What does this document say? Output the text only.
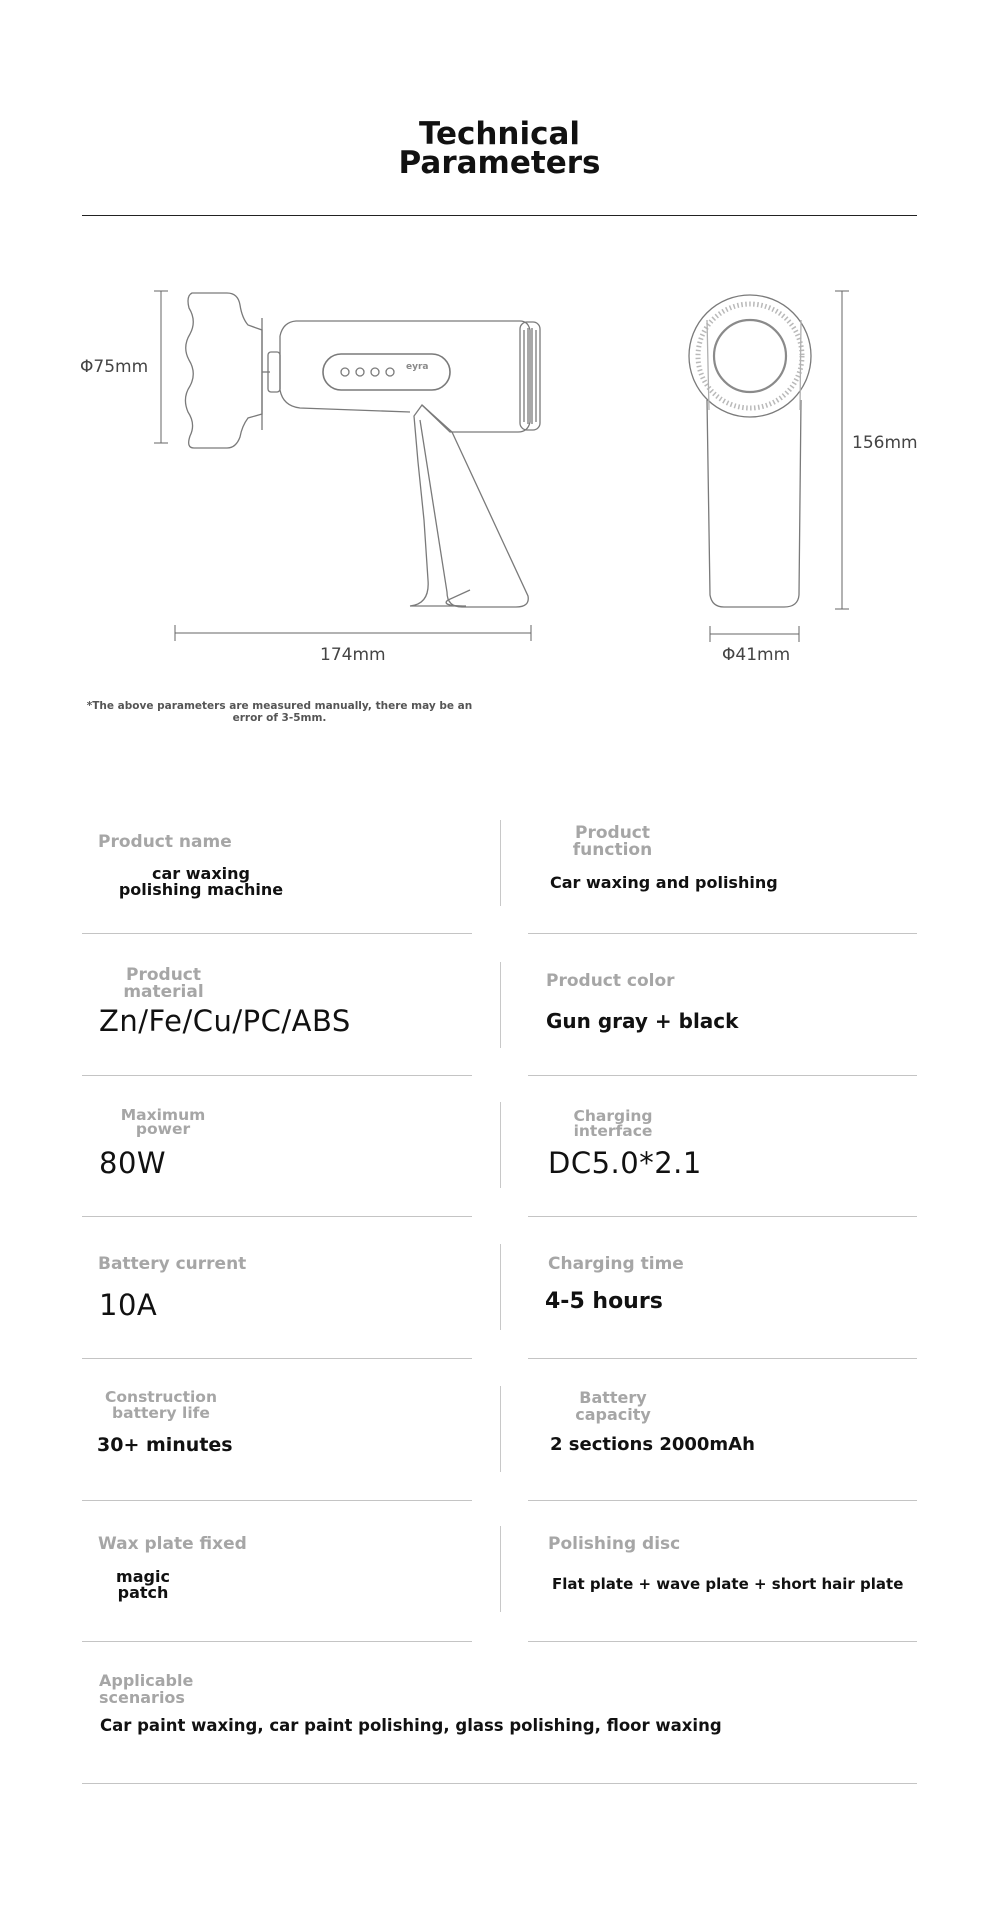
Technical
Parameters
eyra
Φ75mm
174mm
156mm
Φ41mm
*The above parameters are measured manually, there may be an error of 3-5mm.
Product name
car waxing polishing machine
Product function
Car waxing and polishing
Product material
Zn/Fe/Cu/PC/ABS
Product color
Gun gray + black
Maximum power
80W
Charging interface
DC5.0*2.1
Battery current
10A
Charging time
4-5 hours
Construction battery life
30+ minutes
Battery capacity
2 sections 2000mAh
Wax plate fixed
magic patch
Polishing disc
Flat plate + wave plate + short hair plate
Applicable scenarios
Car paint waxing, car paint polishing, glass polishing, floor waxing
